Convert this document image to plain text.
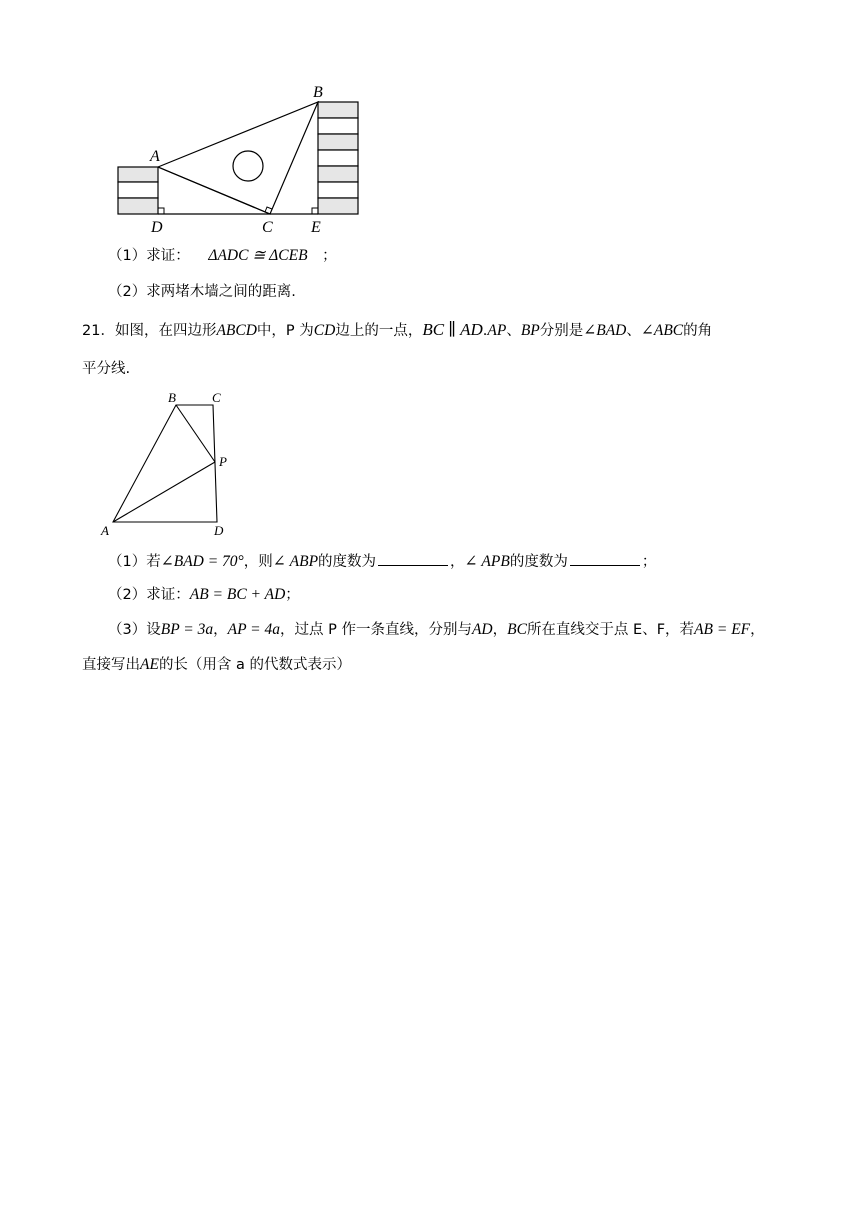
A
B
C
D	E
（1）求证： ΔADC ≅ ΔCEB ；
（2）求两堵木墙之间的距离.
21．如图，在四边形ABCD中，P 为CD边上的一点，BC ∥ AD.AP、BP分别是∠BAD、∠ABC的角
平分线.
B	C
P
A	D
（1）若∠BAD = 70°，则∠ ABP的度数为	，∠ APB的度数为	；
（2）求证：AB = BC + AD；
（3）设BP = 3a，AP = 4a，过点 P 作一条直线，分别与AD，BC所在直线交于点 E、F，若AB = EF，
直接写出AE的长（用含 a 的代数式表示）
